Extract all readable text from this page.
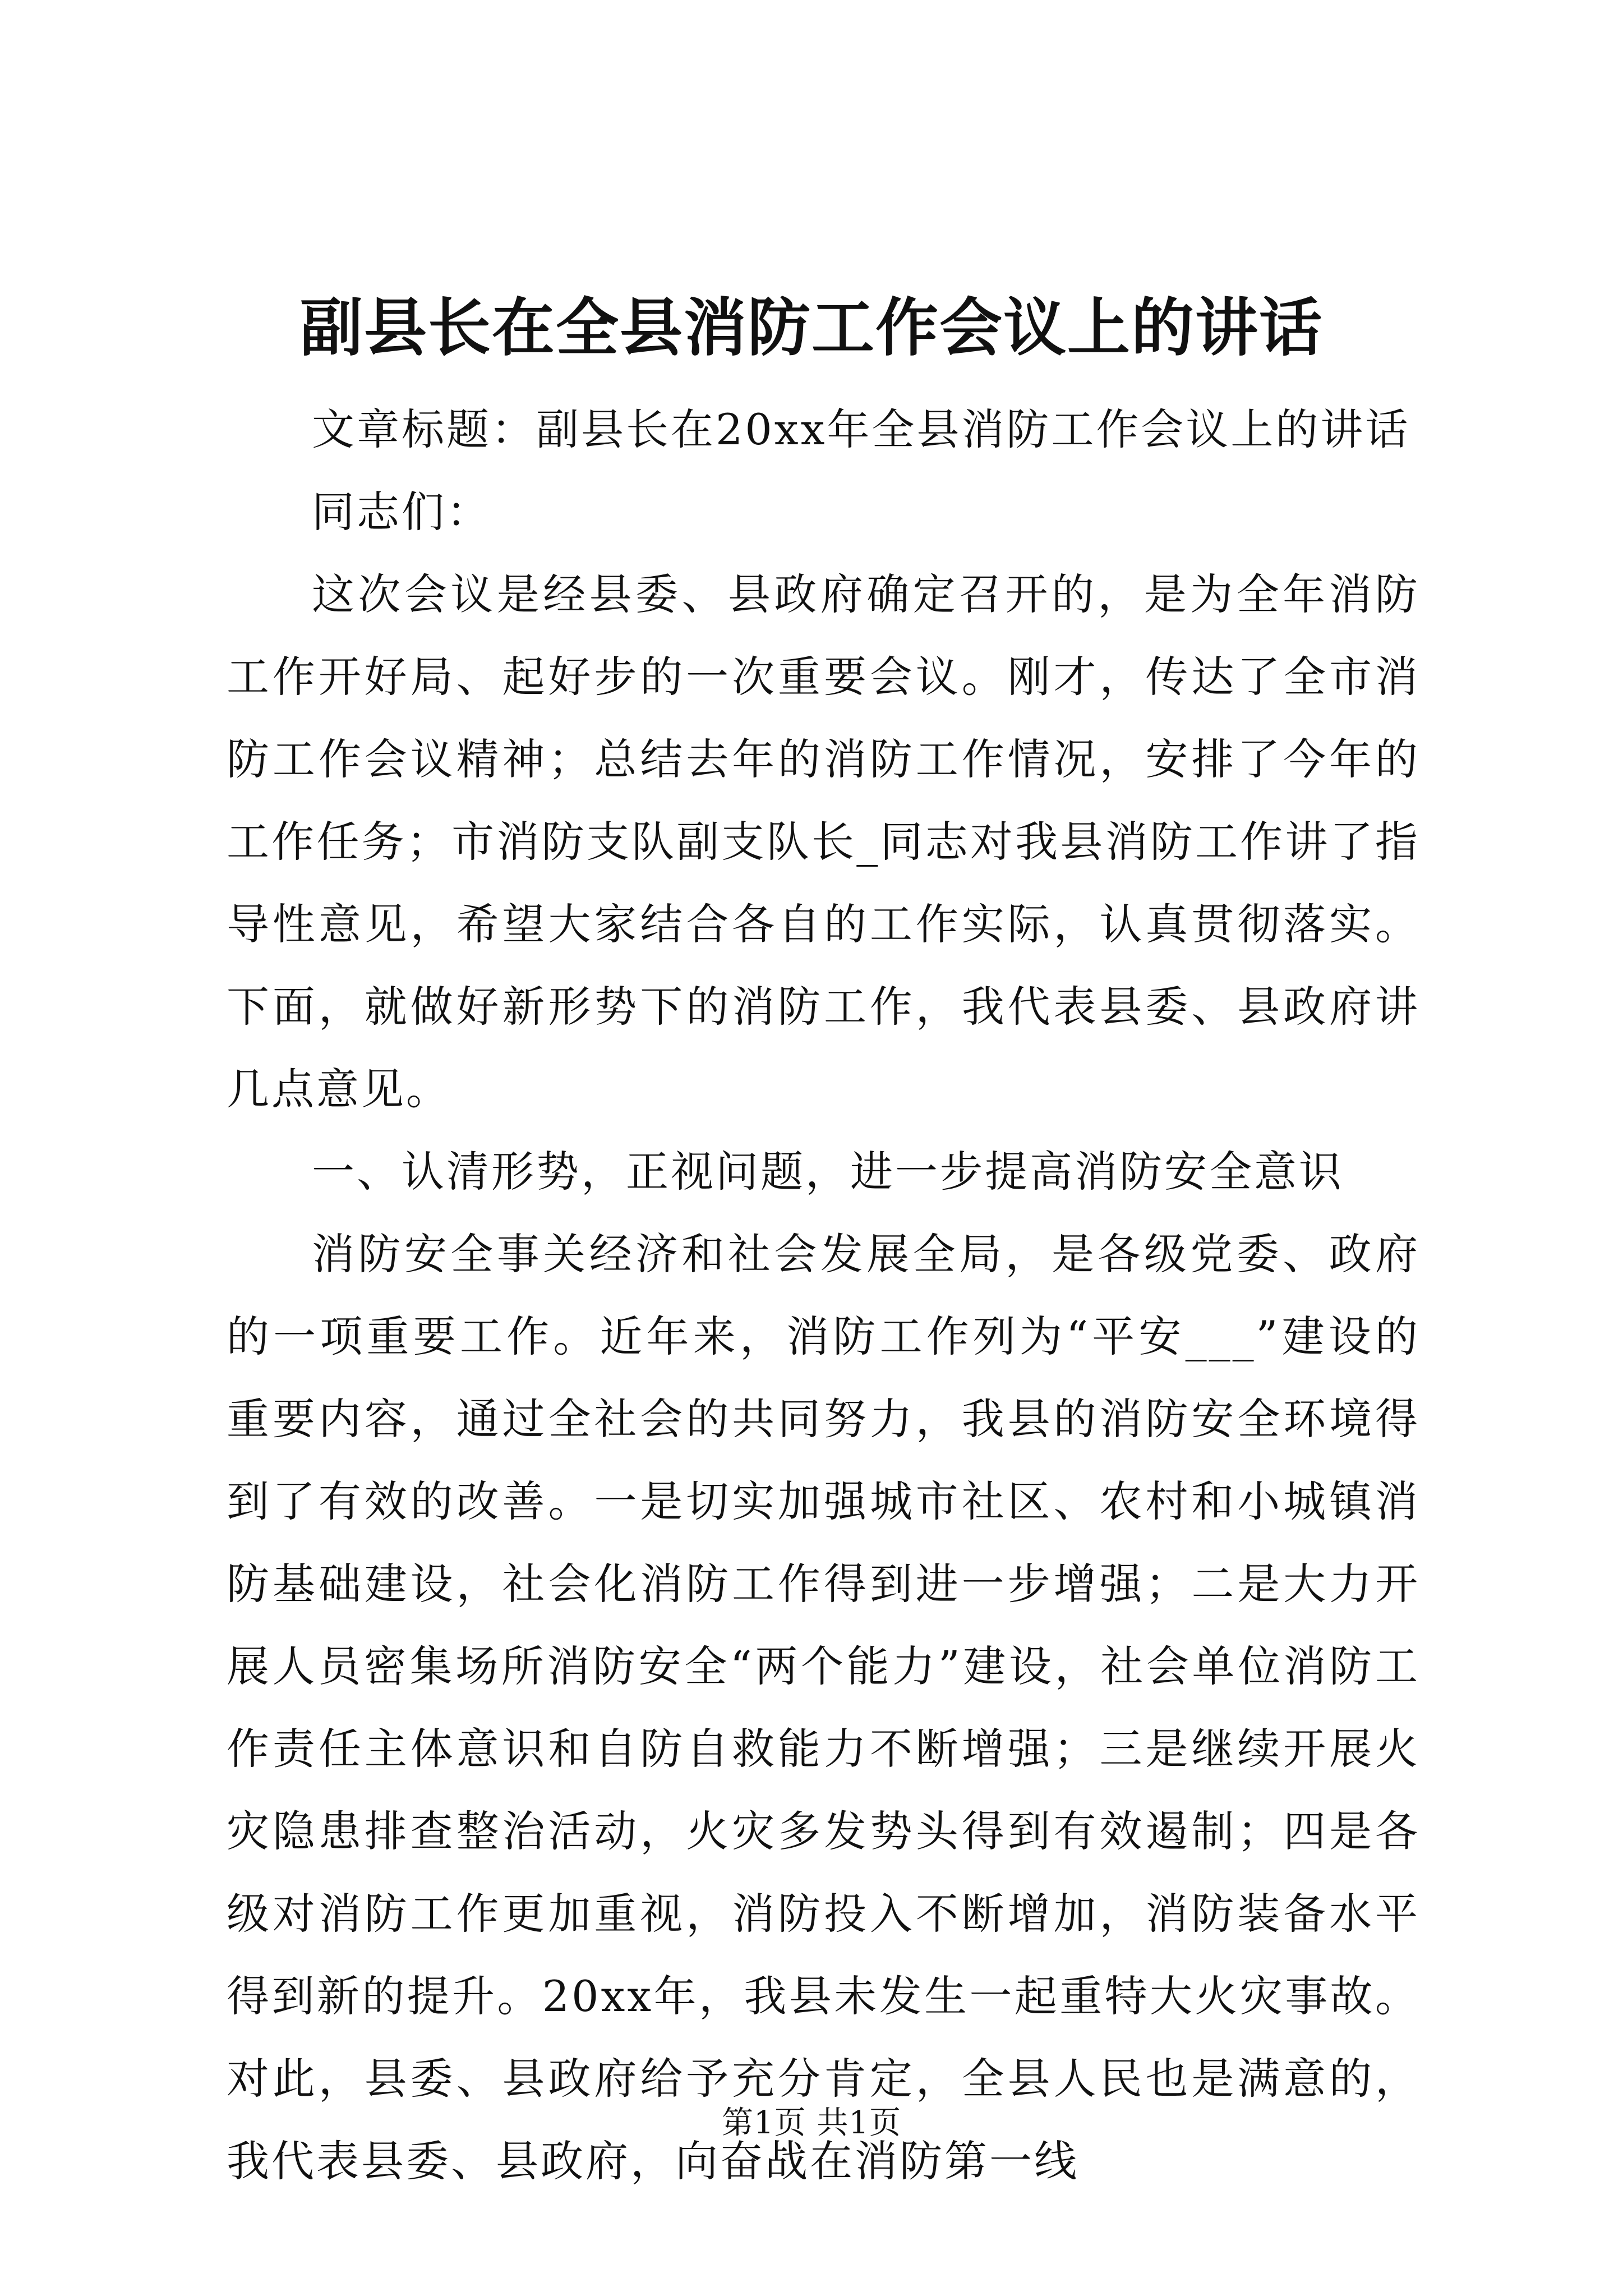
副县长在全县消防工作会议上的讲话

文章标题：副县长在20xx年全县消防工作会议上的讲话

同志们：

这次会议是经县委、县政府确定召开的，是为全年消防工作开好局、起好步的一次重要会议。刚才，传达了全市消防工作会议精神；总结去年的消防工作情况，安排了今年的工作任务；市消防支队副支队长_同志对我县消防工作讲了指导性意见，希望大家结合各自的工作实际，认真贯彻落实。下面，就做好新形势下的消防工作，我代表县委、县政府讲几点意见。

一、认清形势，正视问题，进一步提高消防安全意识

消防安全事关经济和社会发展全局，是各级党委、政府的一项重要工作。近年来，消防工作列为“平安___”建设的重要内容，通过全社会的共同努力，我县的消防安全环境得到了有效的改善。一是切实加强城市社区、农村和小城镇消防基础建设，社会化消防工作得到进一步增强；二是大力开展人员密集场所消防安全“两个能力”建设，社会单位消防工作责任主体意识和自防自救能力不断增强；三是继续开展火灾隐患排查整治活动，火灾多发势头得到有效遏制；四是各级对消防工作更加重视，消防投入不断增加，消防装备水平得到新的提升。20xx年，我县未发生一起重特大火灾事故。对此，县委、县政府给予充分肯定，全县人民也是满意的，我代表县委、县政府，向奋战在消防第一线

第1页 共1页
